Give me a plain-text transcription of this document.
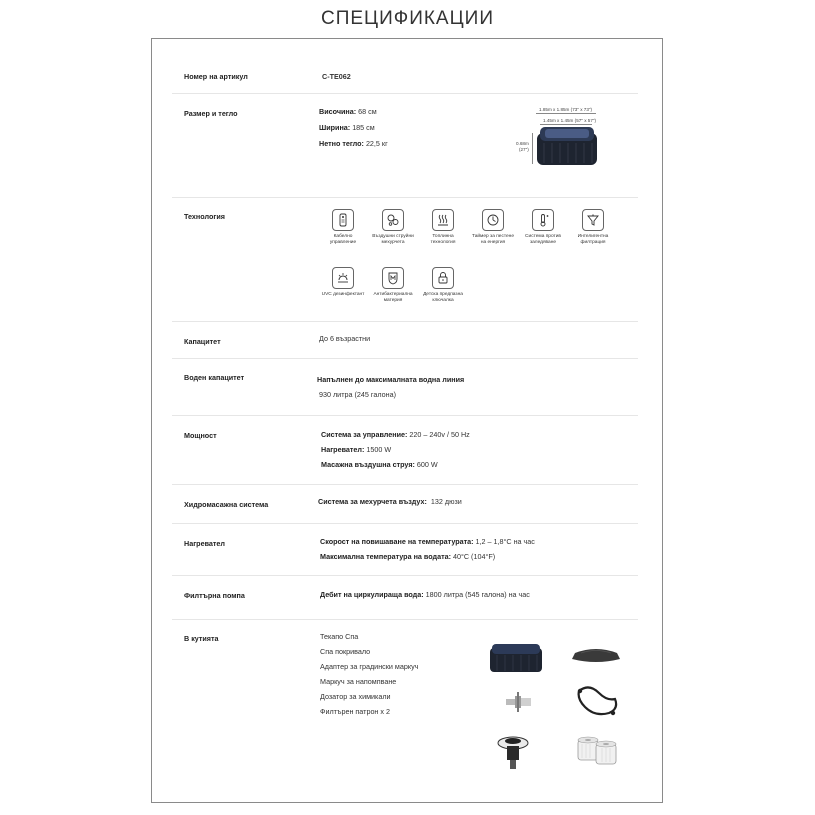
СПЕЦИФИКАЦИИ
Номер на артикул	C-TE062
Размер и тегло	Височина: 68 см
Ширина: 185 см
Нетно тегло: 22,5 кг
1.85m x 1.85m (73" x 73")
1.45m x 1.45m (57" x 57")
0.68m
(27")
Технология
Кабелно управление
Въздушни струйни мехурчета
Топлинна технология
Таймер за пестене на енергия
Система против заледяване
Интелигентна филтрация
UVC дезинфектант	Антибактериална материя
Детска предпазна ключалка
Капацитет	До 6 възрастни
Воден капацитет	Напълнен до максималната водна линия
930 литра (245 галона)
Мощност	Система за управление: 220 – 240v / 50 Hz
Нагревател: 1500 W
Масажна въздушна струя: 600 W
Хидромасажна система	Система за мехурчета въздух: 132 дюзи
Нагревател	Скорост на повишаване на температурата: 1,2 – 1,8°C на час
Максимална температура на водата: 40°C (104°F)
Филтърна помпа	Дебит на циркулираща вода: 1800 литра (545 галона) на час
В кутията	Текапо Спа
Спа покривало
Адаптер за градински маркуч
Маркуч за напомпване
Дозатор за химикали
Филтърен патрон x 2
